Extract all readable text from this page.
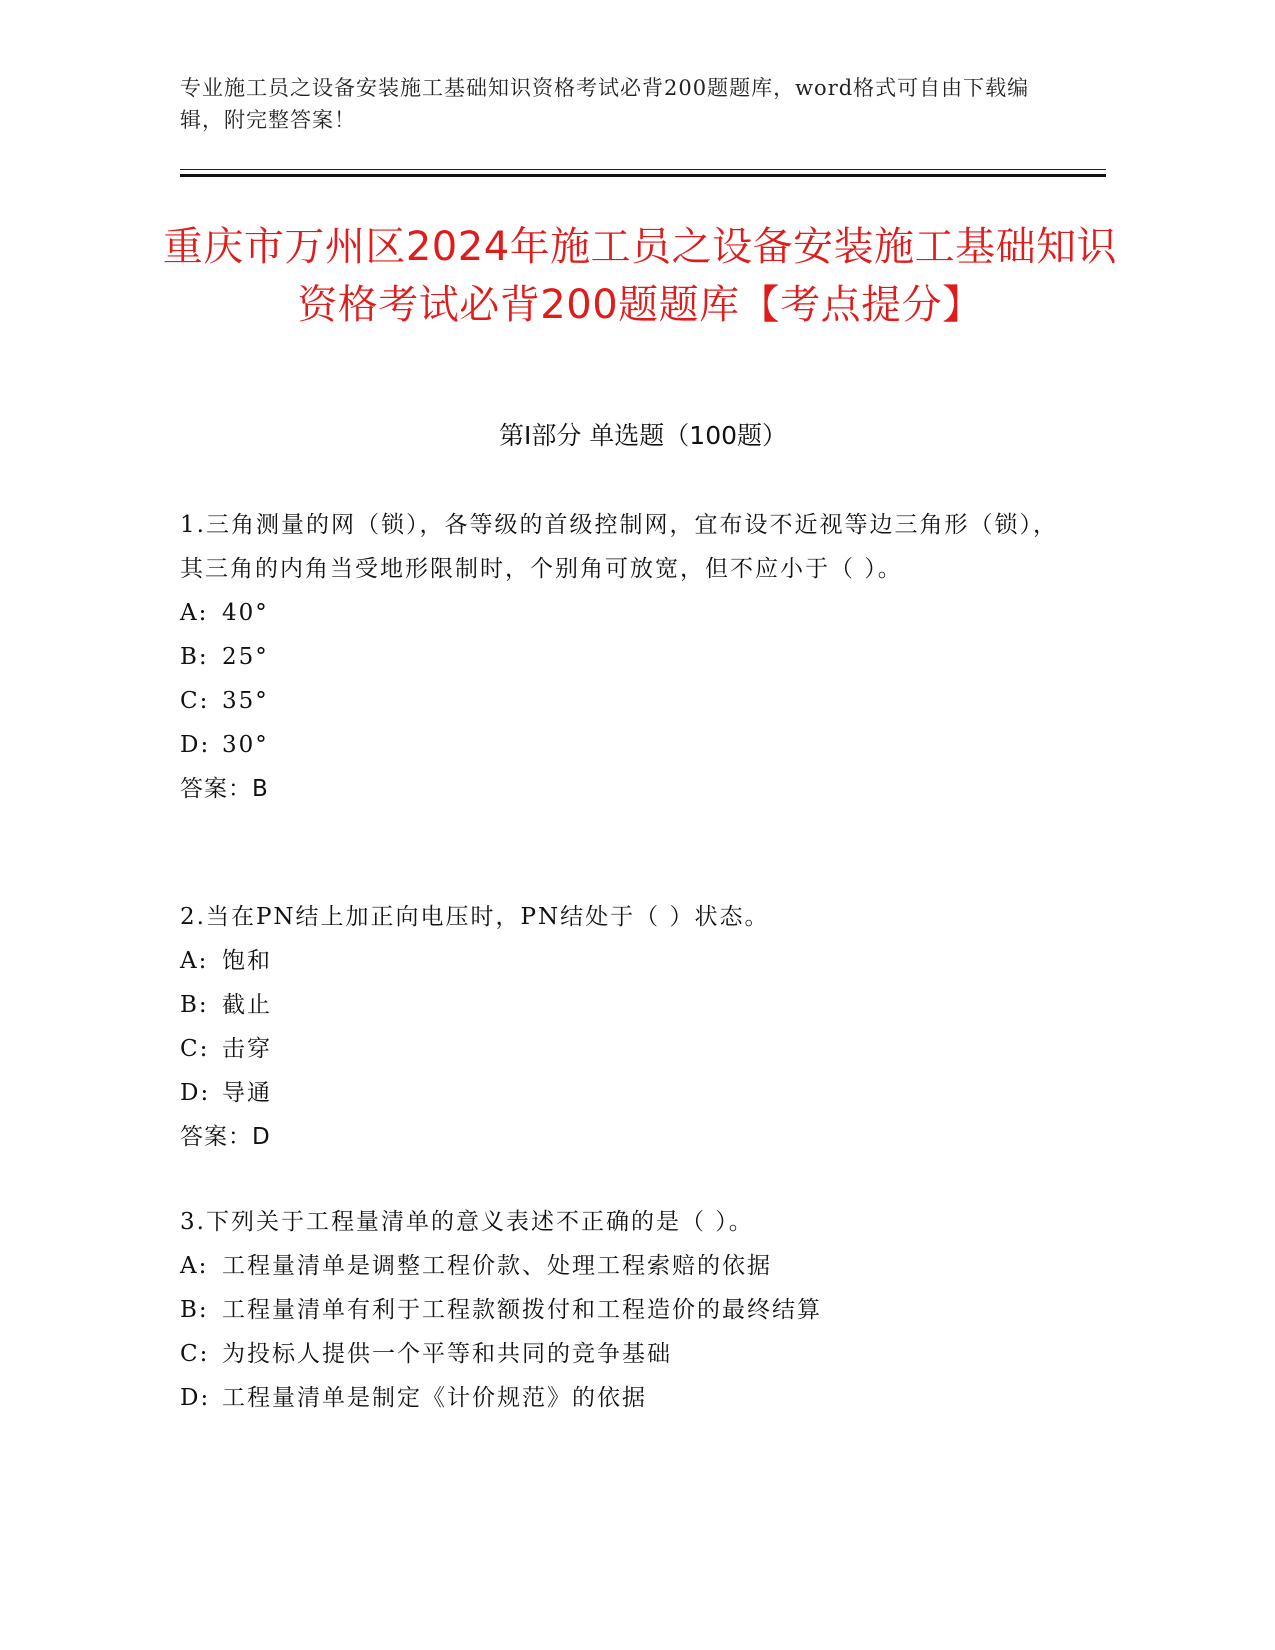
专业施工员之设备安装施工基础知识资格考试必背200题题库，word格式可自由下载编辑，附完整答案！
重庆市万州区2024年施工员之设备安装施工基础知识资格考试必背200题题库【考点提分】
第Ⅰ部分 单选题（100题）

1.三角测量的网（锁），各等级的首级控制网，宜布设不近视等边三角形（锁），其三角的内角当受地形限制时，个别角可放宽，但不应小于（ ）。

A: 40°

B: 25°

C: 35°

D: 30°

答案：B

2.当在PN结上加正向电压时，PN结处于（ ）状态。

A: 饱和

B: 截止

C: 击穿

D: 导通

答案：D

3.下列关于工程量清单的意义表述不正确的是（ ）。

A: 工程量清单是调整工程价款、处理工程索赔的依据

B: 工程量清单有利于工程款额拨付和工程造价的最终结算

C: 为投标人提供一个平等和共同的竞争基础

D: 工程量清单是制定《计价规范》的依据
